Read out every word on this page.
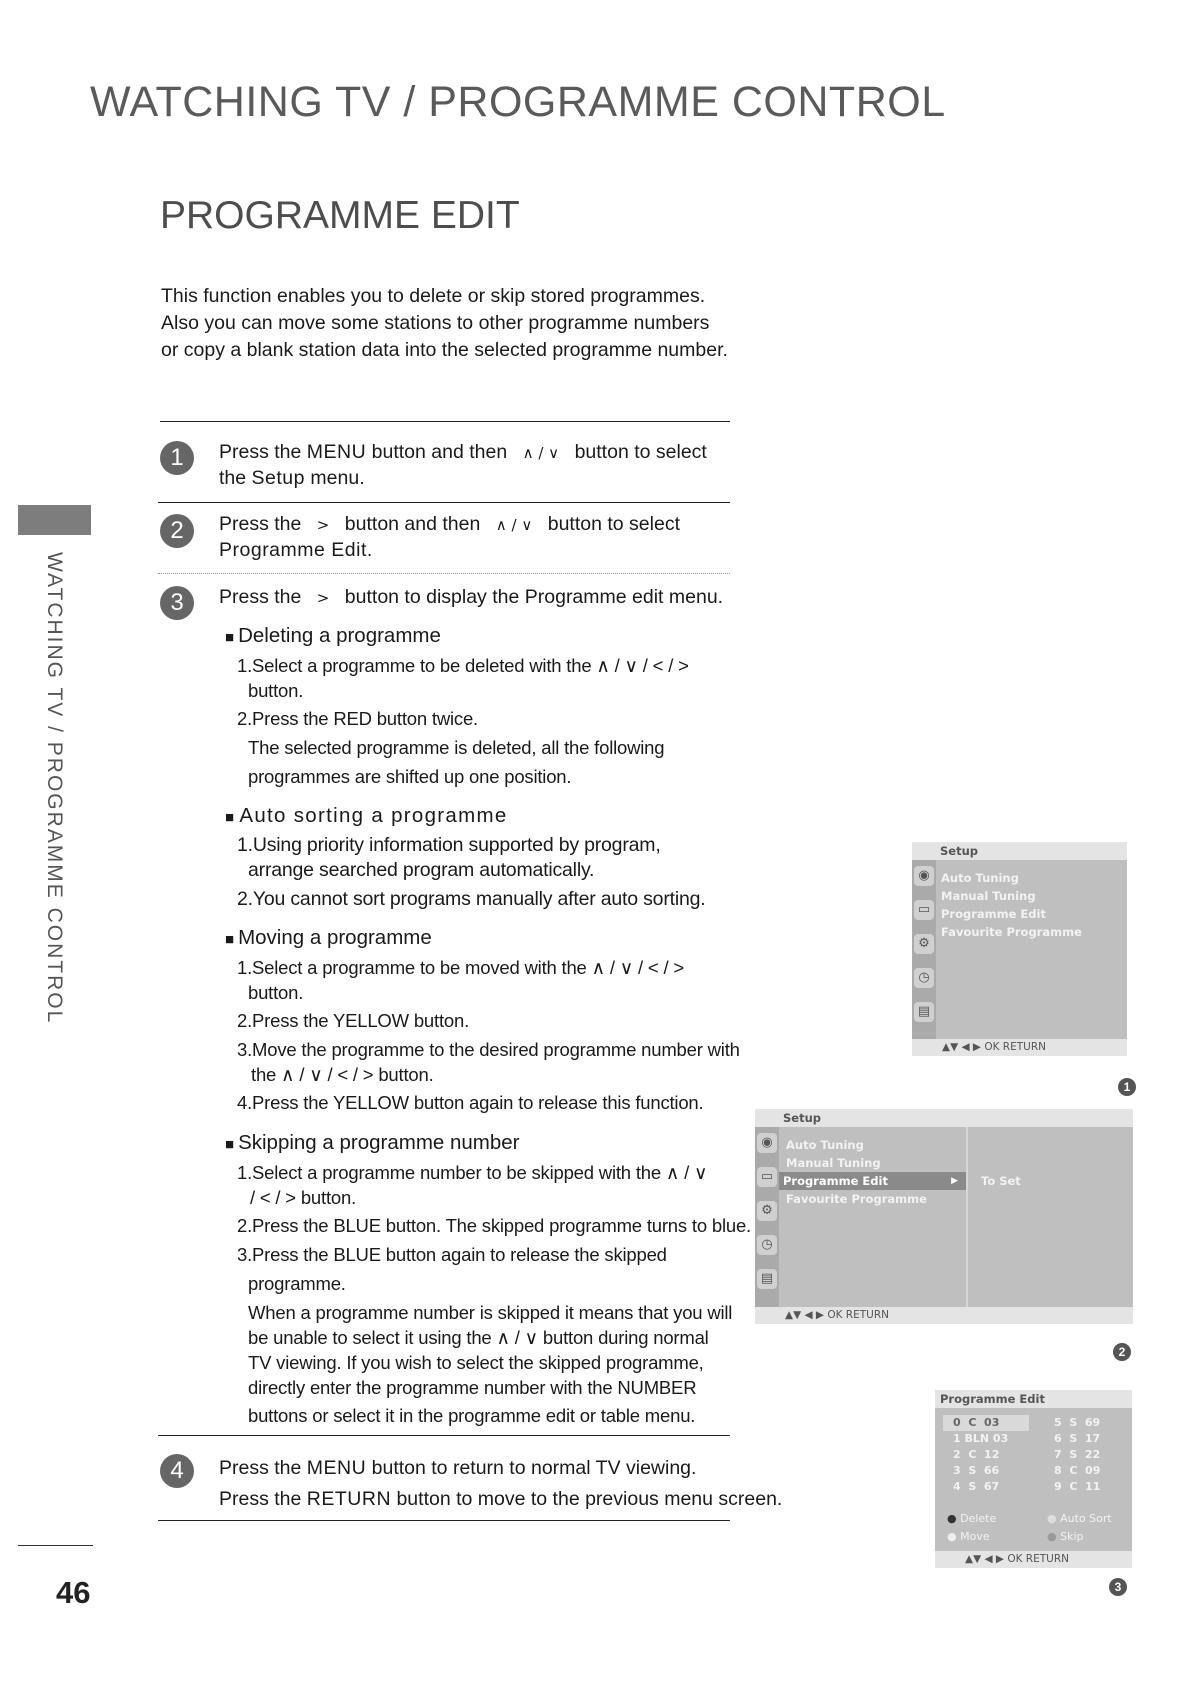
WATCHING TV / PROGRAMME CONTROL
PROGRAMME EDIT

This function enables you to delete or skip stored programmes.

Also you can move some stations to other programme numbers

or copy a blank station data into the selected programme number.

WATCHING TV / PROGRAMME CONTROL
46
1	Press the MENU button and then ∧ / ∨ button to select
the Setup menu.
2	Press the > button and then ∧ / ∨ button to select
Programme Edit.
3	Press the > button to display the Programme edit menu.
■ Deleting a programme
1.Select a programme to be deleted with the ∧ / ∨ / < / >
button.
2.Press the RED button twice.
The selected programme is deleted, all the following
programmes are shifted up one position.
■ Auto sorting a programme
1.Using priority information supported by program,
arrange searched program automatically.
2.You cannot sort programs manually after auto sorting.
■ Moving a programme
1.Select a programme to be moved with the ∧ / ∨ / < / >
button.
2.Press the YELLOW button.
3.Move the programme to the desired programme number with
the ∧ / ∨ / < / > button.
4.Press the YELLOW button again to release this function.
■ Skipping a programme number
1.Select a programme number to be skipped with the ∧ / ∨
/ < / > button.
2.Press the BLUE button. The skipped programme turns to blue.
3.Press the BLUE button again to release the skipped
programme.
When a programme number is skipped it means that you will
be unable to select it using the ∧ / ∨ button during normal
TV viewing. If you wish to select the skipped programme,
directly enter the programme number with the NUMBER
buttons or select it in the programme edit or table menu.
4	Press the MENU button to return to normal TV viewing.
Press the RETURN button to move to the previous menu screen.
Setup
◉
▭
⚙
◷
▤
Auto Tuning
Manual Tuning
Programme Edit
Favourite Programme
▲▼ ◀ ▶ OK RETURN
1
Setup
◉
▭
⚙
◷
▤
Auto Tuning
Manual Tuning
Programme Edit	▶
Favourite Programme
To Set
▲▼ ◀ ▶ OK RETURN
2
Programme Edit
0  C  03
1 BLN 03
2  C  12
3  S  66
4  S  67
5  S  69
6  S  17
7  S  22
8  C  09
9  C  11
● Delete
● Move
● Auto Sort
● Skip
▲▼ ◀ ▶ OK RETURN
3
